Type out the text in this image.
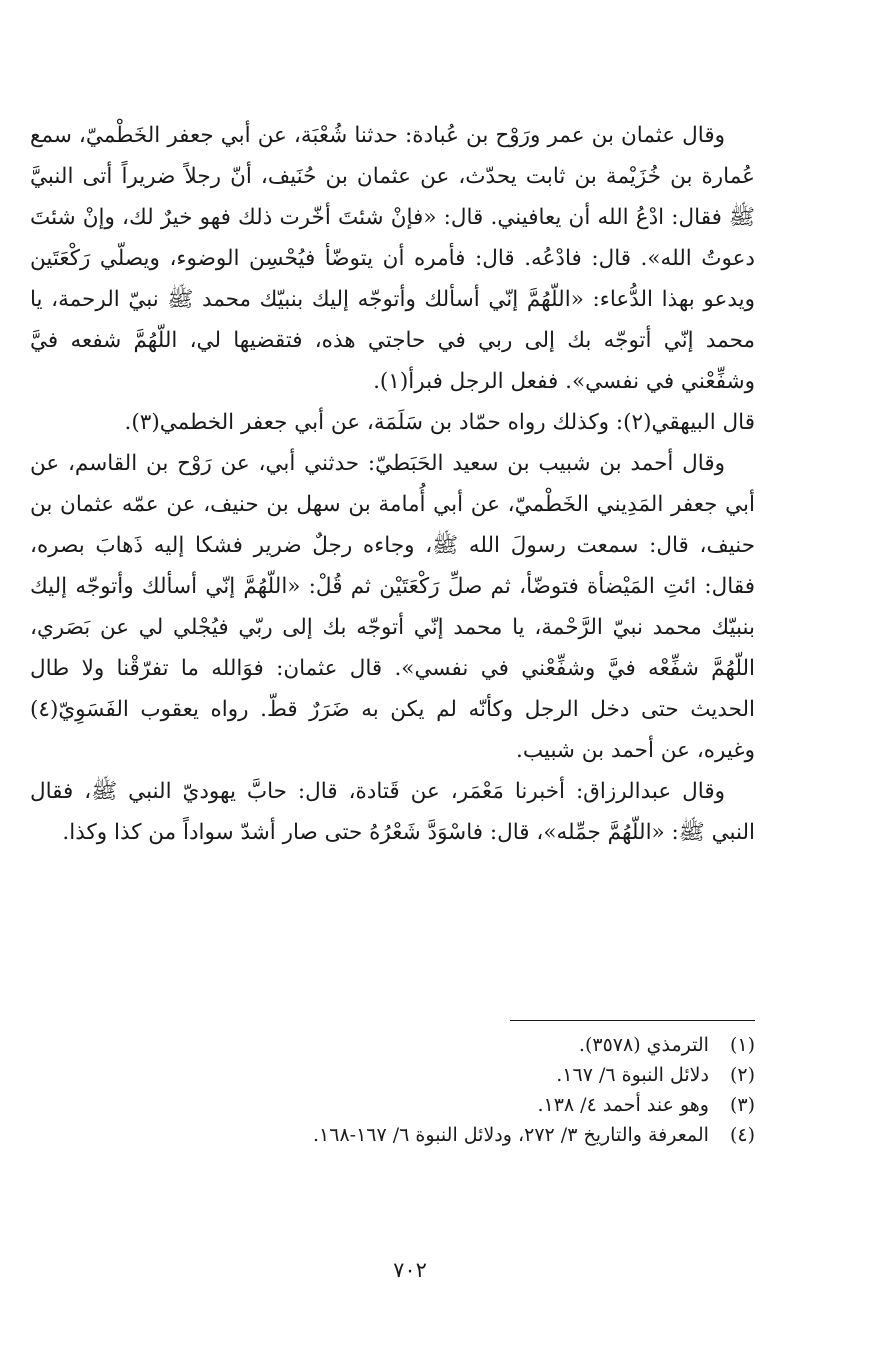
وقال عثمان بن عمر ورَوْح بن عُبادة: حدثنا شُعْبَة، عن أبي جعفر الخَطْميّ، سمع عُمارة بن خُزَيْمة بن ثابت يحدّث، عن عثمان بن حُنَيف، أنّ رجلاً ضريراً أتى النبيَّ ﷺ فقال: ادْعُ الله أن يعافيني. قال: «فإنْ شئتَ أخّرت ذلك فهو خيرٌ لك، وإنْ شئتَ دعوتُ الله». قال: فادْعُه. قال: فأمره أن يتوضّأ فيُحْسِن الوضوء، ويصلّي رَكْعَتَين ويدعو بهذا الدُّعاء: «اللّهُمَّ إنّي أسألك وأتوجّه إليك بنبيّك محمد ﷺ نبيّ الرحمة، يا محمد إنّي أتوجّه بك إلى ربي في حاجتي هذه، فتقضيها لي، اللّهُمَّ شفعه فيَّ وشفِّعْني في نفسي». ففعل الرجل فبرأ(١).

قال البيهقي(٢): وكذلك رواه حمّاد بن سَلَمَة، عن أبي جعفر الخطمي(٣).

وقال أحمد بن شبيب بن سعيد الحَبَطيّ: حدثني أبي، عن رَوْح بن القاسم، عن أبي جعفر المَدِيني الخَطْميّ، عن أبي أُمامة بن سهل بن حنيف، عن عمّه عثمان بن حنيف، قال: سمعت رسولَ الله ﷺ، وجاءه رجلٌ ضرير فشكا إليه ذَهابَ بصره، فقال: ائتِ المَيْضأة فتوضّأ، ثم صلِّ رَكْعَتَيْن ثم قُلْ: «اللّهُمَّ إنّي أسألك وأتوجّه إليك بنبيّك محمد نبيّ الرَّحْمة، يا محمد إنّي أتوجّه بك إلى ربّي فيُجْلي لي عن بَصَري، اللّهُمَّ شفِّعْه فيَّ وشفِّعْني في نفسي». قال عثمان: فوَالله ما تفرّقْنا ولا طال الحديث حتى دخل الرجل وكأنّه لم يكن به ضَرَرٌ قطّ. رواه يعقوب الفَسَوِيّ(٤) وغيره، عن أحمد بن شبيب.

وقال عبدالرزاق: أخبرنا مَعْمَر، عن قَتادة، قال: حابَّ يهوديّ النبي ﷺ، فقال النبي ﷺ: «اللّهُمَّ جمِّله»، قال: فاسْوَدَّ شَعْرُهُ حتى صار أشدّ سواداً من كذا وكذا.

(١) الترمذي (٣٥٧٨).
(٢) دلائل النبوة ٦/ ١٦٧.
(٣) وهو عند أحمد ٤/ ١٣٨.
(٤) المعرفة والتاريخ ٣/ ٢٧٢، ودلائل النبوة ٦/ ١٦٧-١٦٨.
٧٠٢
